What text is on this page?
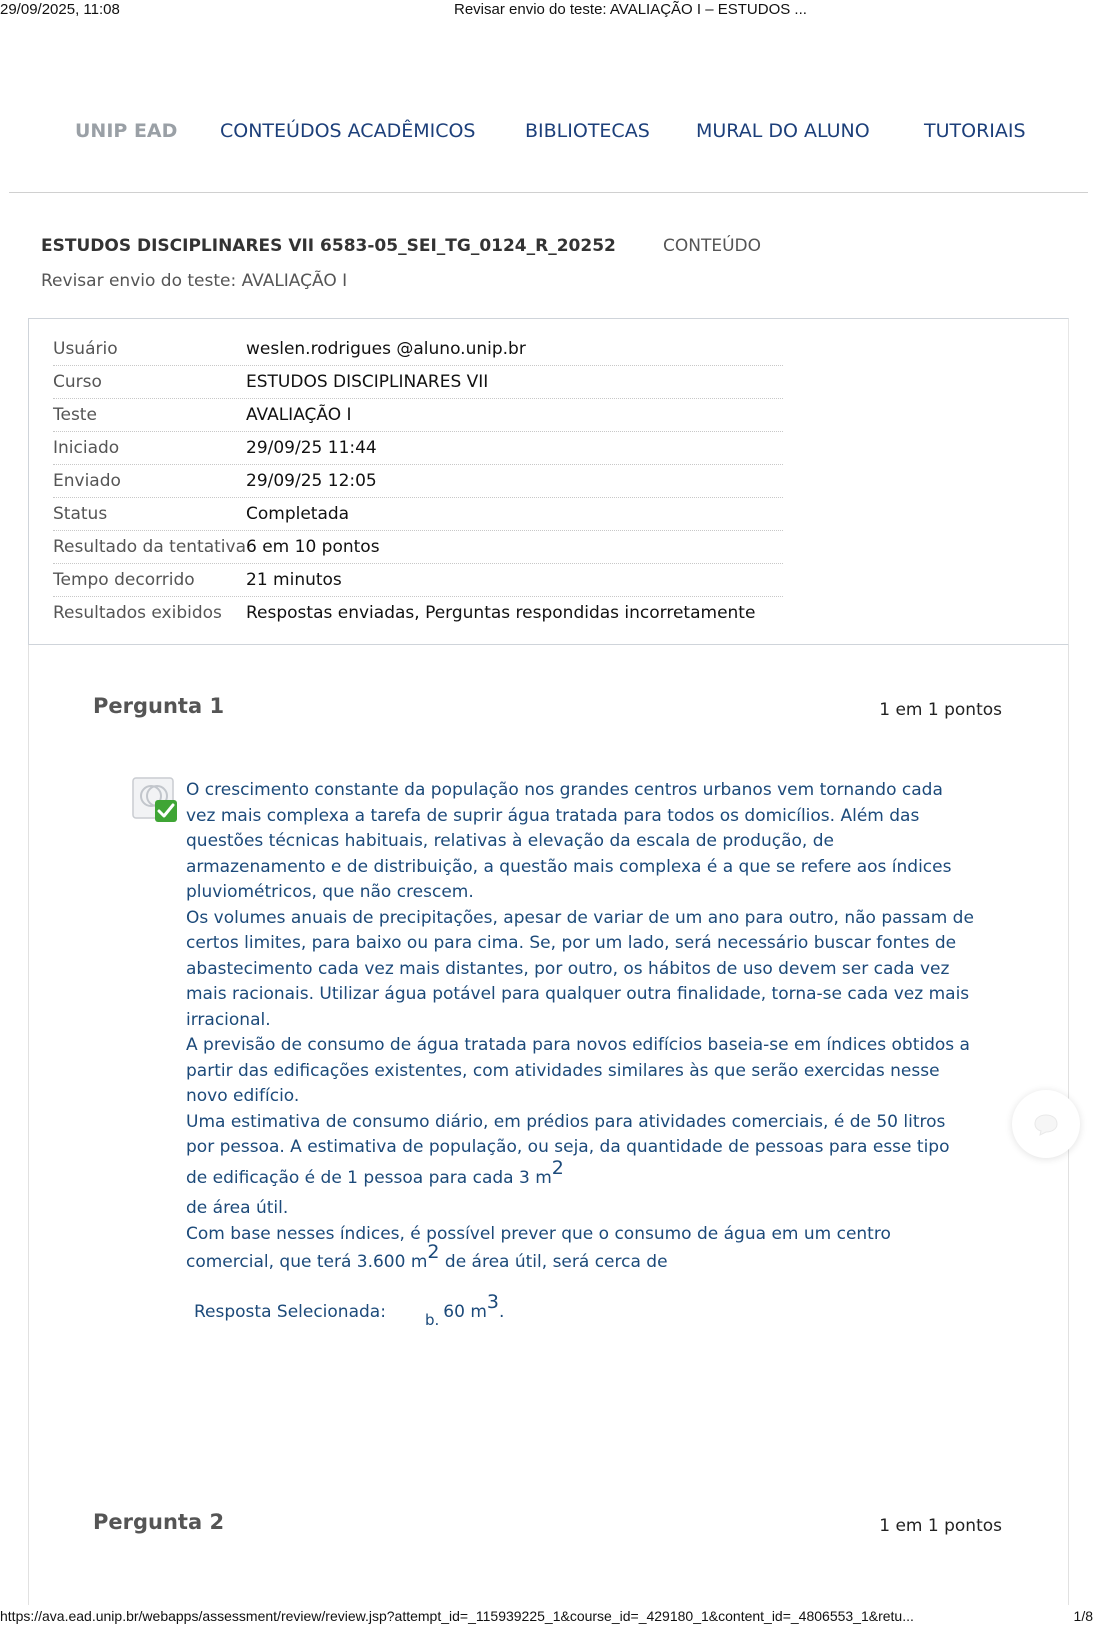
29/09/2025, 11:08	Revisar envio do teste: AVALIAÇÃO I – ESTUDOS ...
UNIP EAD CONTEÚDOS ACADÊMICOS	BIBLIOTECAS MURAL DO ALUNO	TUTORIAIS
ESTUDOS DISCIPLINARES VII 6583-05_SEI_TG_0124_R_20252	CONTEÚDO
Revisar envio do teste: AVALIAÇÃO I
Usuário	weslen.rodrigues @aluno.unip.br
Curso	ESTUDOS DISCIPLINARES VII
Teste	AVALIAÇÃO I
Iniciado	29/09/25 11:44
Enviado	29/09/25 12:05
Status	Completada
Resultado da tentativa 6 em 10 pontos
Tempo decorrido	21 minutos
Resultados exibidos Respostas enviadas, Perguntas respondidas incorretamente
Pergunta 1	1 em 1 pontos

O crescimento constante da população nos grandes centros urbanos vem tornando cada vez mais complexa a tarefa de suprir água tratada para todos os domicílios. Além das questões técnicas habituais, relativas à elevação da escala de produção, de armazenamento e de distribuição, a questão mais complexa é a que se refere aos índices pluviométricos, que não crescem.

Os volumes anuais de precipitações, apesar de variar de um ano para outro, não passam de certos limites, para baixo ou para cima. Se, por um lado, será necessário buscar fontes de abastecimento cada vez mais distantes, por outro, os hábitos de uso devem ser cada vez mais racionais. Utilizar água potável para qualquer outra finalidade, torna-se cada vez mais irracional.

A previsão de consumo de água tratada para novos edifícios baseia-se em índices obtidos a partir das edificações existentes, com atividades similares às que serão exercidas nesse novo edifício.

Uma estimativa de consumo diário, em prédios para atividades comerciais, é de 50 litros por pessoa. A estimativa de população, ou seja, da quantidade de pessoas para esse tipo

de edificação é de 1 pessoa para cada 3 $m^2$

de área útil.

Com base nesses índices, é possível prever que o consumo de água em um centro

comercial, que terá 3.600 $m^2$ de área útil, será cerca de

Resposta Selecionada:	b. 60 $m^3$.
Pergunta 2	1 em 1 pontos
https://ava.ead.unip.br/webapps/assessment/review/review.jsp?attempt_id=_115939225_1&course_id=_429180_1&content_id=_4806553_1&retu...	1/8
